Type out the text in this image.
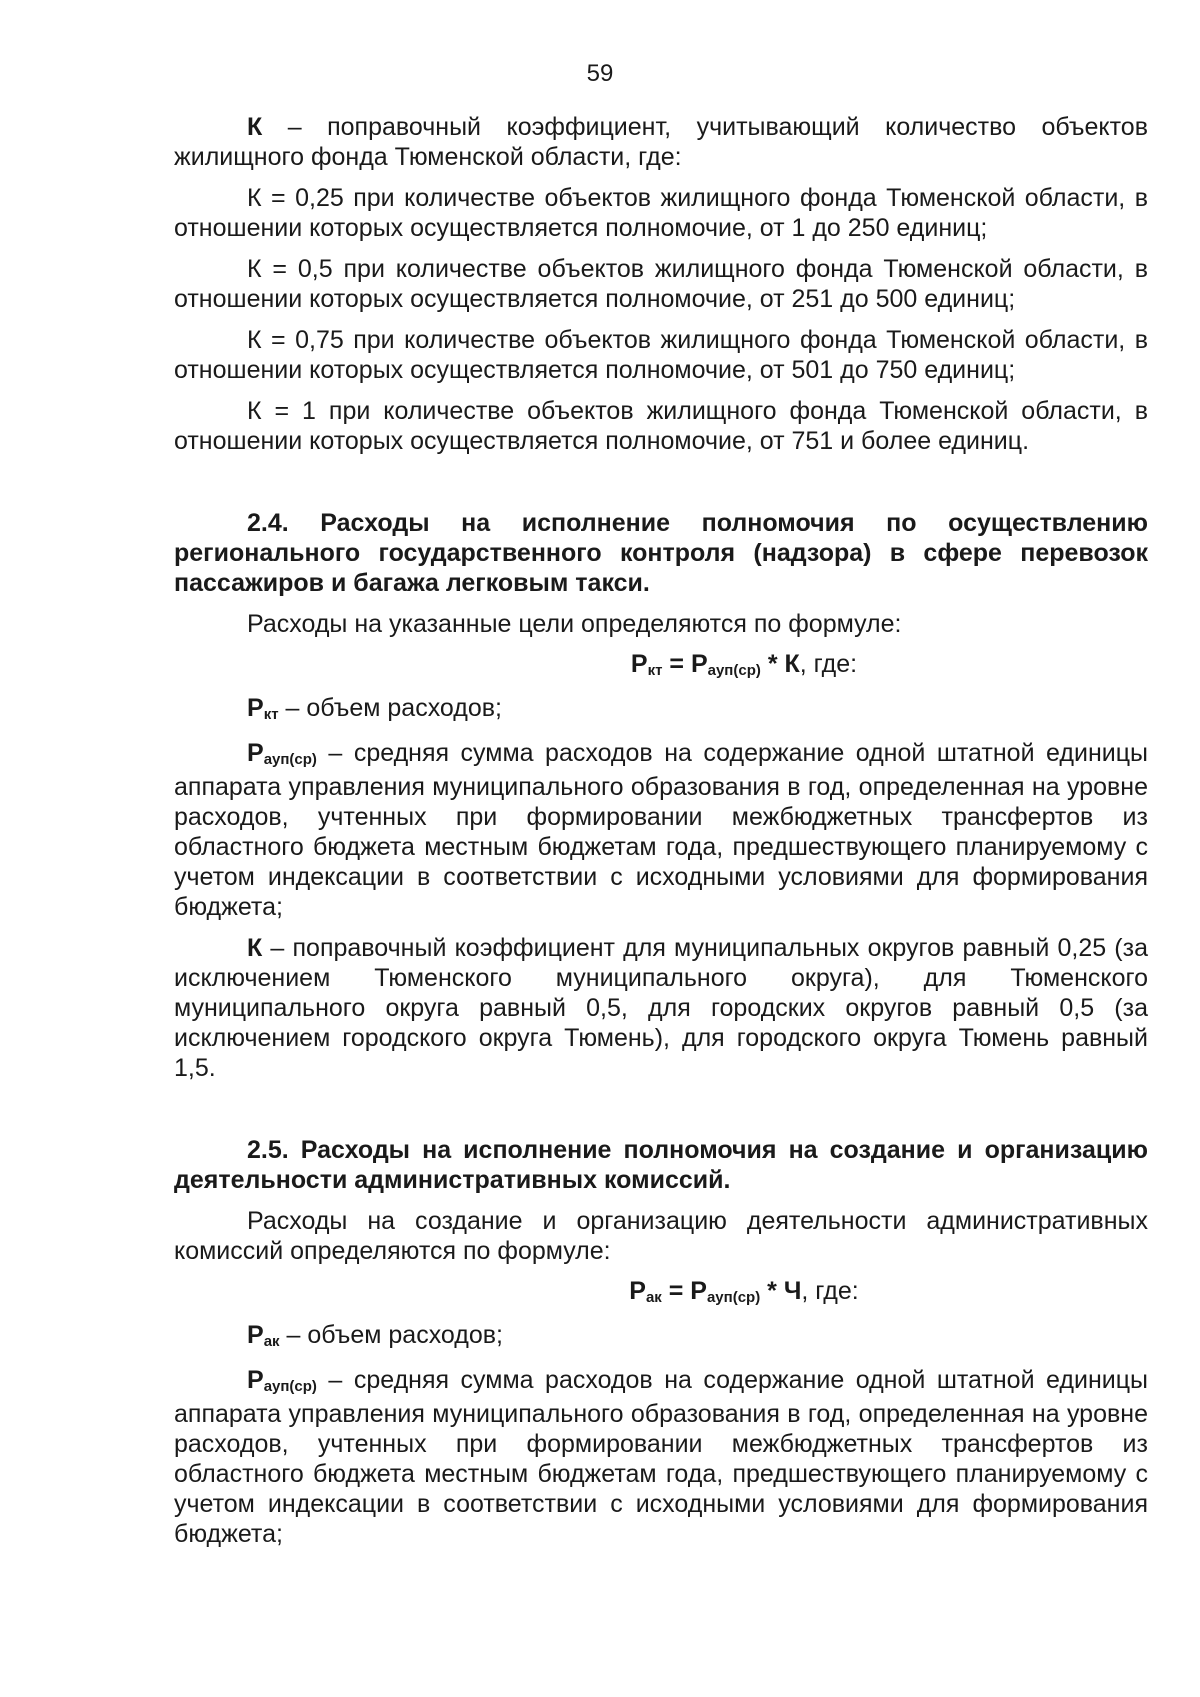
59

К – поправочный коэффициент, учитывающий количество объектов жилищного фонда Тюменской области, где:

К = 0,25 при количестве объектов жилищного фонда Тюменской области, в отношении которых осуществляется полномочие, от 1 до 250 единиц;

К = 0,5 при количестве объектов жилищного фонда Тюменской области, в отношении которых осуществляется полномочие, от 251 до 500 единиц;

К = 0,75 при количестве объектов жилищного фонда Тюменской области, в отношении которых осуществляется полномочие, от 501 до 750 единиц;

К = 1 при количестве объектов жилищного фонда Тюменской области, в отношении которых осуществляется полномочие, от 751 и более единиц.

2.4. Расходы на исполнение полномочия по осуществлению регионального государственного контроля (надзора) в сфере перевозок пассажиров и багажа легковым такси.

Расходы на указанные цели определяются по формуле:

$Р_{кт} = Р_{ауп(ср)} * К$, где:

$Р_{кт}$ – объем расходов;

$Р_{ауп(ср)}$ – средняя сумма расходов на содержание одной штатной единицы аппарата управления муниципального образования в год, определенная на уровне расходов, учтенных при формировании межбюджетных трансфертов из областного бюджета местным бюджетам года, предшествующего планируемому с учетом индексации в соответствии с исходными условиями для формирования бюджета;

К – поправочный коэффициент для муниципальных округов равный 0,25 (за исключением Тюменского муниципального округа), для Тюменского муниципального округа равный 0,5, для городских округов равный 0,5 (за исключением городского округа Тюмень), для городского округа Тюмень равный 1,5.

2.5. Расходы на исполнение полномочия на создание и организацию деятельности административных комиссий.

Расходы на создание и организацию деятельности административных комиссий определяются по формуле:

$Р_{ак} = Р_{ауп(ср)} * Ч$, где:

$Р_{ак}$ – объем расходов;

$Р_{ауп(ср)}$ – средняя сумма расходов на содержание одной штатной единицы аппарата управления муниципального образования в год, определенная на уровне расходов, учтенных при формировании межбюджетных трансфертов из областного бюджета местным бюджетам года, предшествующего планируемому с учетом индексации в соответствии с исходными условиями для формирования бюджета;
